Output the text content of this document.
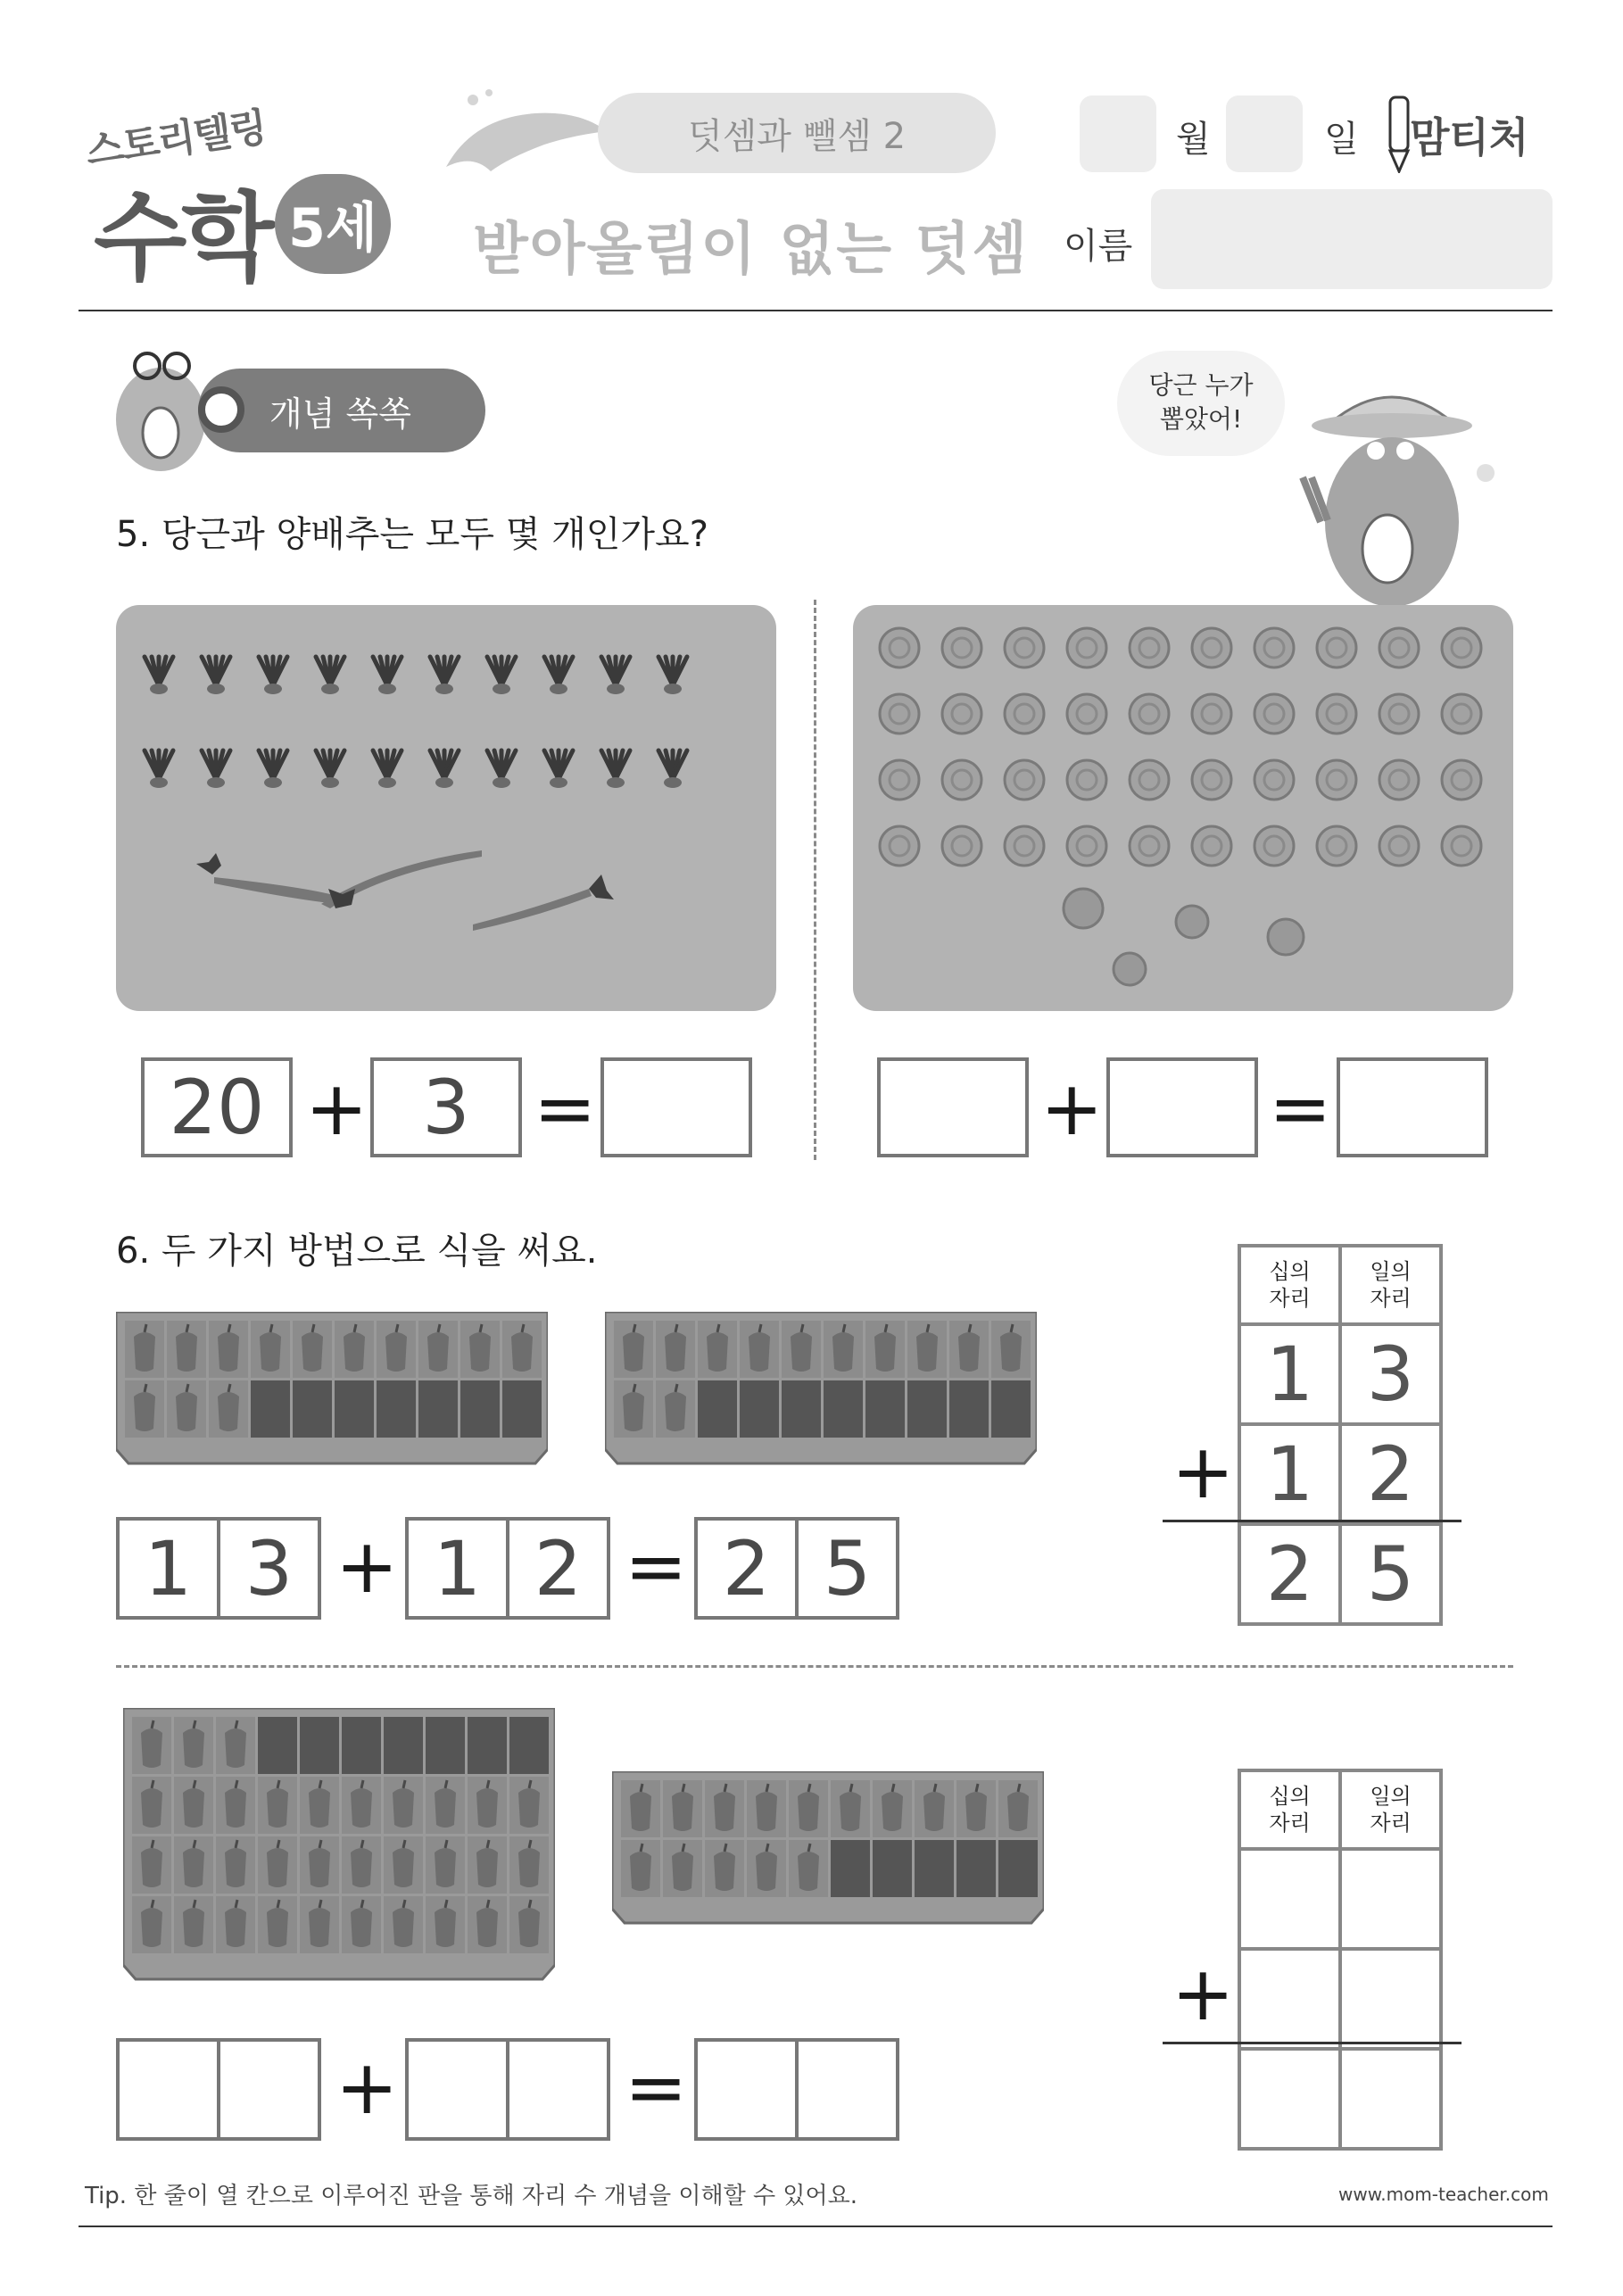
스토리텔링
수학 5세
덧셈과 뺄셈 2
받아올림이 없는 덧셈
월	일 맘티처
이름
개념 쏙쏙
당근 누가
뽑았어!
5. 당근과 양배추는 모두 몇 개인가요?
20 + 3 =	+ =
6. 두 가지 방법으로 식을 써요.
1 3 + 1 2 = 2 5
십의
자리	일의
자리
1	3
1	2
2	5
+
+	=
십의
자리	일의
자리

+
Tip. 한 줄이 열 칸으로 이루어진 판을 통해 자리 수 개념을 이해할 수 있어요.	www.mom-teacher.com
